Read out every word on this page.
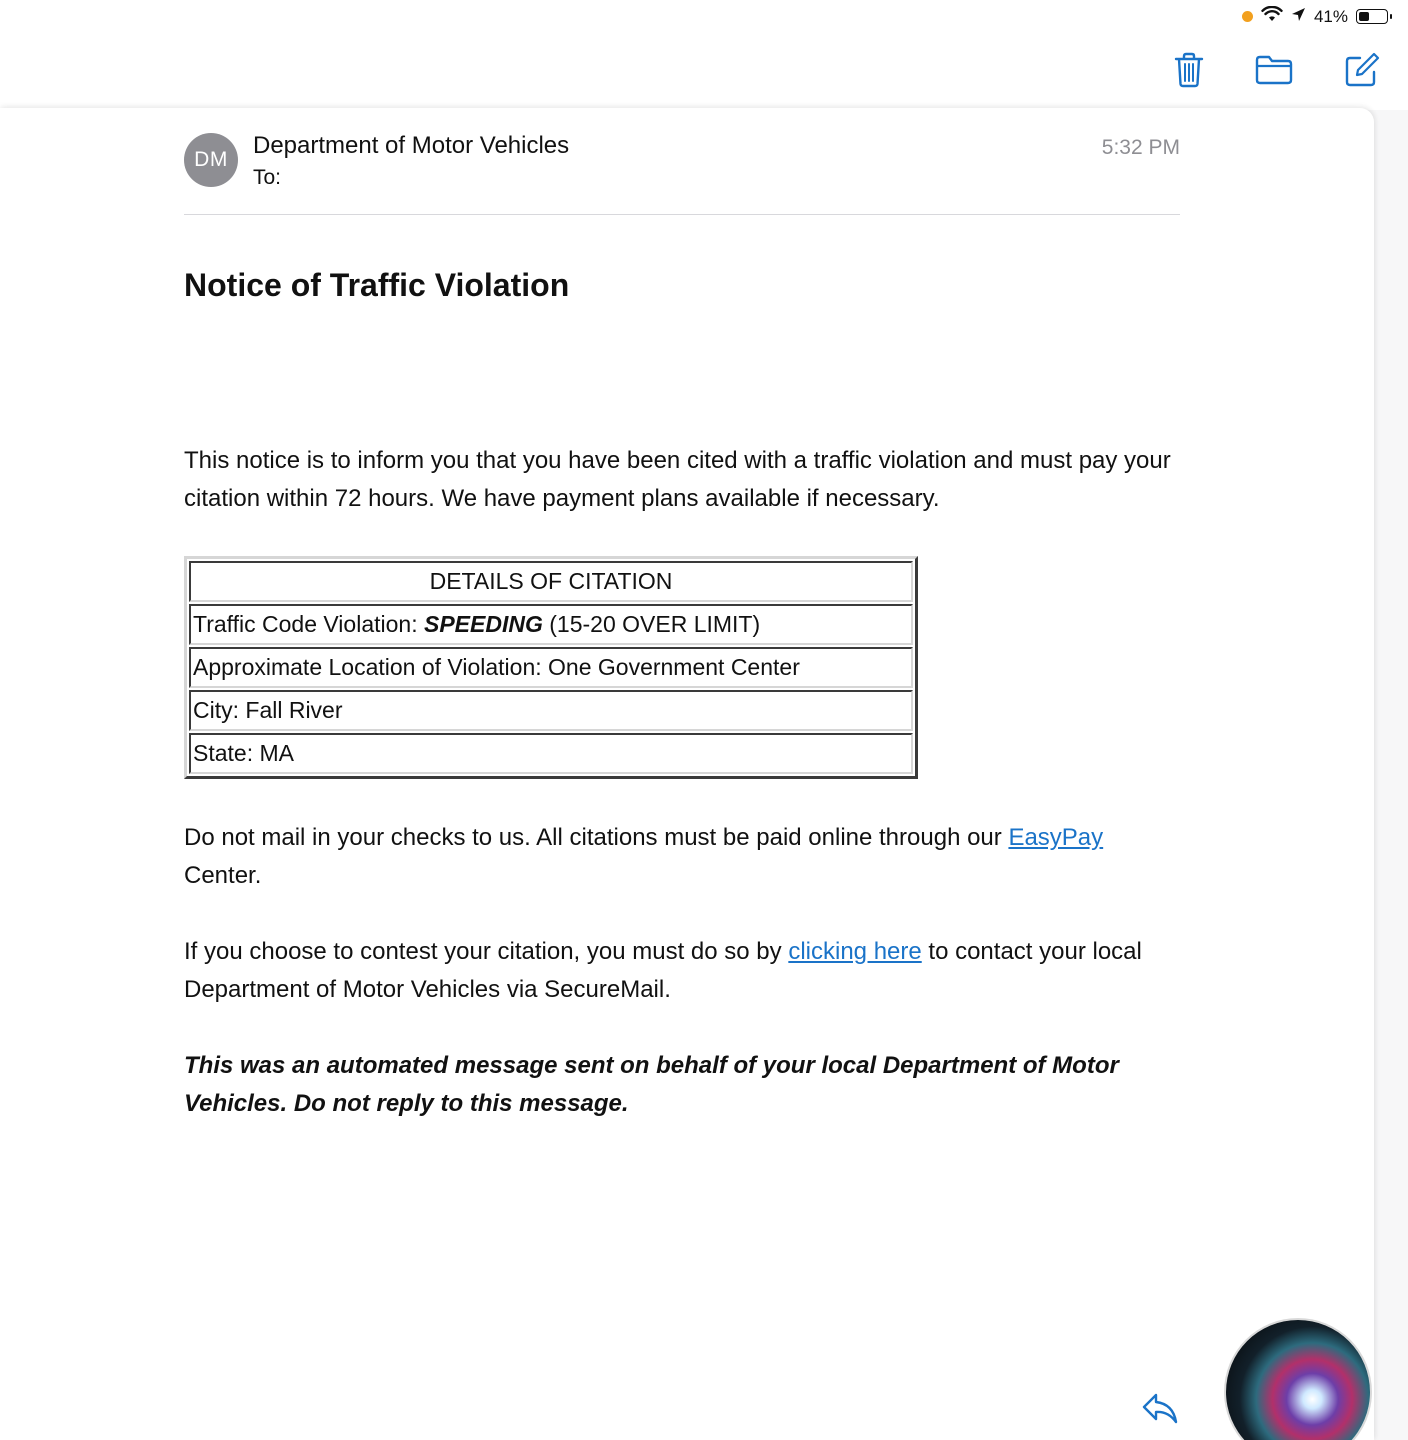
41%
DM
Department of Motor Vehicles
To:
5:32 PM
Notice of Traffic Violation

This notice is to inform you that you have been cited with a traffic violation and must pay your citation within 72 hours. We have payment plans available if necessary.

DETAILS OF CITATION
Traffic Code Violation: SPEEDING (15-20 OVER LIMIT)
Approximate Location of Violation: One Government Center
City: Fall River
State: MA

Do not mail in your checks to us. All citations must be paid online through our EasyPay Center.

If you choose to contest your citation, you must do so by clicking here to contact your local Department of Motor Vehicles via SecureMail.

This was an automated message sent on behalf of your local Department of Motor Vehicles. Do not reply to this message.
